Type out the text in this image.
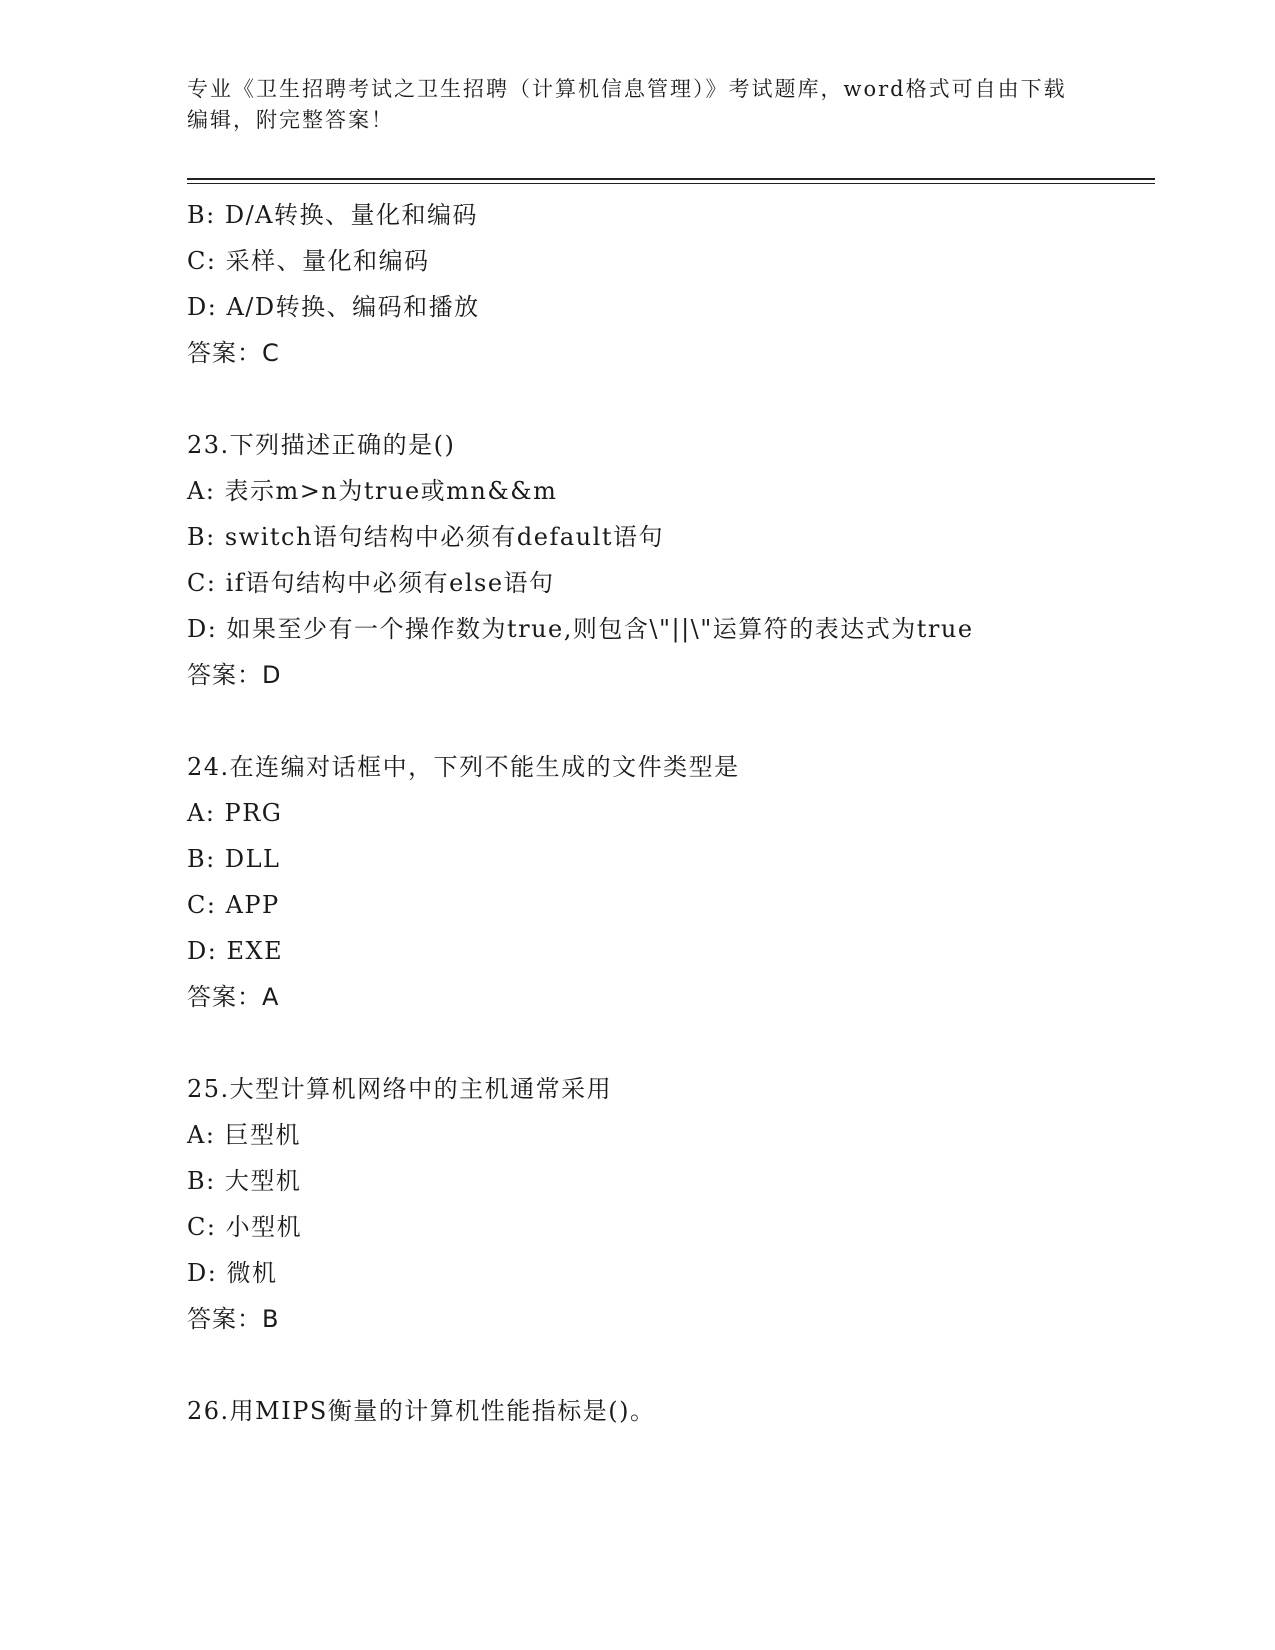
专业《卫生招聘考试之卫生招聘（计算机信息管理）》考试题库，word格式可自由下载编辑，附完整答案！
B: D/A转换、量化和编码
C: 采样、量化和编码
D: A/D转换、编码和播放
答案：C
23.下列描述正确的是()
A: 表示m>n为true或mn&&m
B: switch语句结构中必须有default语句
C: if语句结构中必须有else语句
D: 如果至少有一个操作数为true,则包含\"||\"运算符的表达式为true
答案：D
24.在连编对话框中，下列不能生成的文件类型是
A: PRG
B: DLL
C: APP
D: EXE
答案：A
25.大型计算机网络中的主机通常采用
A: 巨型机
B: 大型机
C: 小型机
D: 微机
答案：B
26.用MIPS衡量的计算机性能指标是()。
